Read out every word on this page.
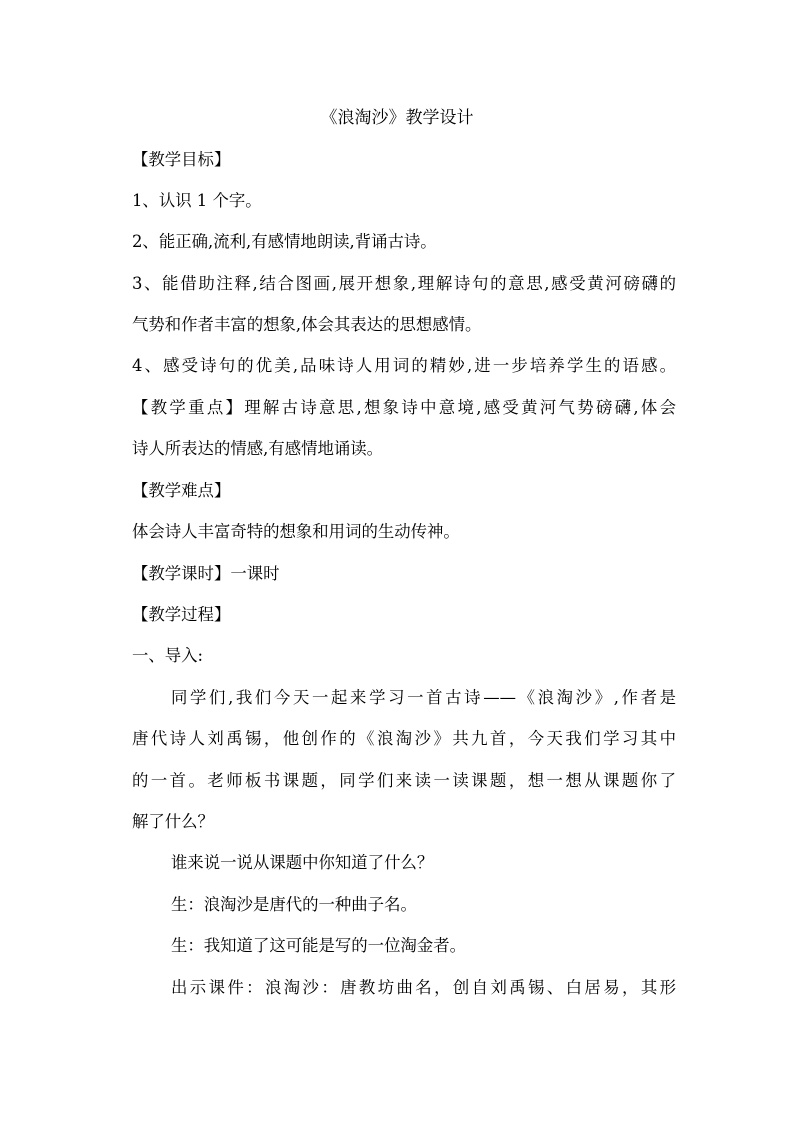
《浪淘沙》教学设计
【教学目标】
1、认识 1 个字。
2、能正确,流利,有感情地朗读,背诵古诗。
3、能借助注释,结合图画,展开想象,理解诗句的意思,感受黄河磅礴的
气势和作者丰富的想象,体会其表达的思想感情。
4、感受诗句的优美,品味诗人用词的精妙,进一步培养学生的语感。
【教学重点】理解古诗意思,想象诗中意境,感受黄河气势磅礴,体会
诗人所表达的情感,有感情地诵读。
【教学难点】
体会诗人丰富奇特的想象和用词的生动传神。
【教学课时】一课时
【教学过程】
一、导入:
同学们,我们今天一起来学习一首古诗——《浪淘沙》,作者是
唐代诗人刘禹锡，他创作的《浪淘沙》共九首，今天我们学习其中
的一首。老师板书课题，同学们来读一读课题，想一想从课题你了
解了什么？
谁来说一说从课题中你知道了什么？
生：浪淘沙是唐代的一种曲子名。
生：我知道了这可能是写的一位淘金者。
出示课件：浪淘沙：唐教坊曲名，创自刘禹锡、白居易，其形
